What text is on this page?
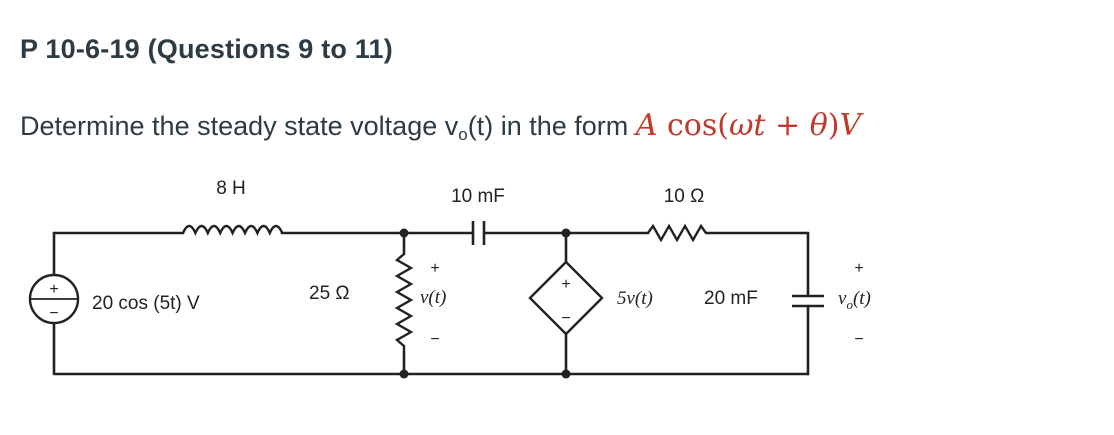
P 10-6-19 (Questions 9 to 11)
Determine the steady state voltage $v_o(t)$ in the form A cos(ωt + θ)V
+
−
+
−
8 H	10 mF	10 Ω
20 cos (5t) V	25 Ω
+
v(t)
−
5v(t)	20 mF
+
$v_o(t)$
−
